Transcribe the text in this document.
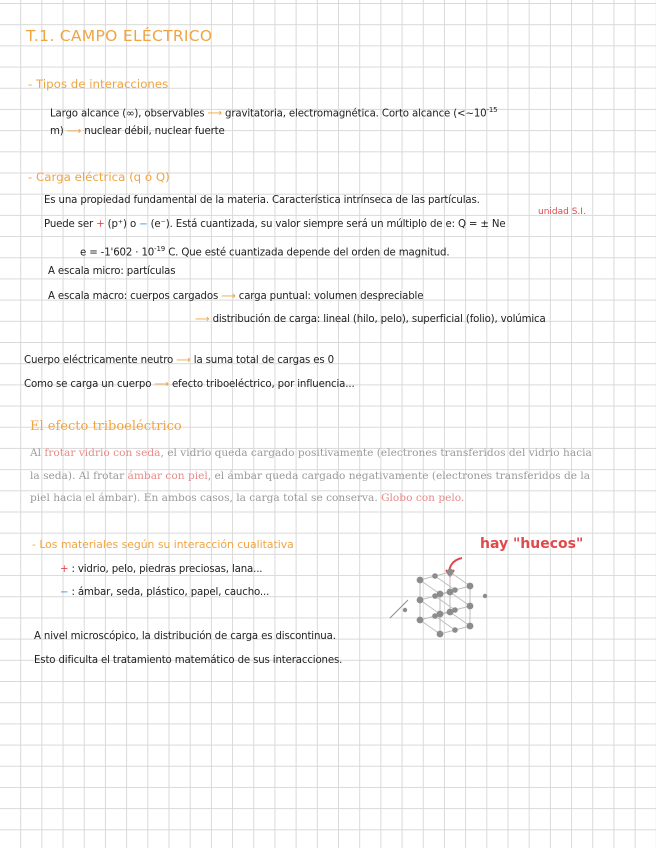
T.1. CAMPO ELÉCTRICO
- Tipos de interacciones
Largo alcance (∞), observables ⟶ gravitatoria, electromagnética. Corto alcance ($<\sim 10^{-15}$
m) ⟶ nuclear débil, nuclear fuerte
- Carga eléctrica (q ó Q)
Es una propiedad fundamental de la materia. Característica intrínseca de las partículas.
unidad S.I.
Puede ser + (p⁺) o − (e⁻). Está cuantizada, su valor siempre será un múltiplo de e: Q = ± Ne
$e = -1'602 \cdot 10^{-19}$ C. Que esté cuantizada depende del orden de magnitud.
A escala micro: partículas
A escala macro: cuerpos cargados ⟶ carga puntual: volumen despreciable
⟶ distribución de carga: lineal (hilo, pelo), superficial (folio), volúmica
Cuerpo eléctricamente neutro ⟶ la suma total de cargas es 0
Como se carga un cuerpo ⟶ efecto triboeléctrico, por influencia...
El efecto triboeléctrico
Al frotar vidrio con seda, el vidrio queda cargado positivamente (electrones transferidos del vidrio hacia
la seda). Al frotar ámbar con piel, el ámbar queda cargado negativamente (electrones transferidos de la
piel hacia el ámbar). En ambos casos, la carga total se conserva. Globo con pelo.
- Los materiales según su interacción cualitativa
+ : vidrio, pelo, piedras preciosas, lana...
− : ámbar, seda, plástico, papel, caucho...
hay "huecos"
A nivel microscópico, la distribución de carga es discontinua.
Esto dificulta el tratamiento matemático de sus interacciones.
